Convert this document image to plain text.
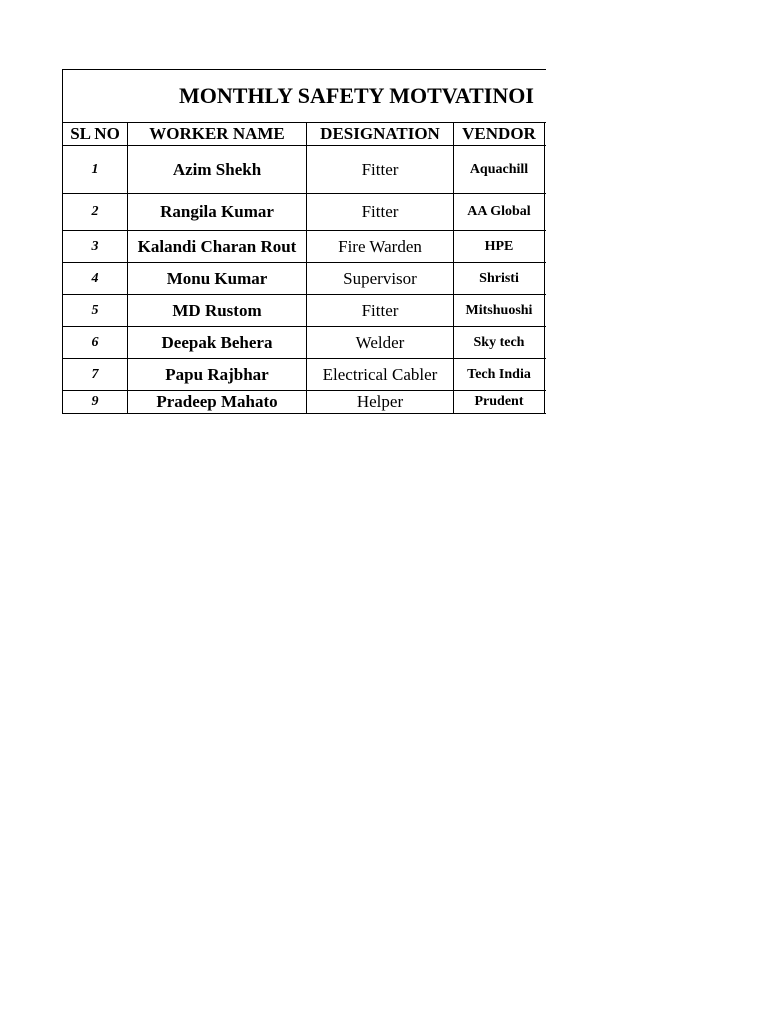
MONTHLY SAFETY MOTVATINOI				
SL NO	WORKER NAME	DESIGNATION	VENDOR	
1	Azim Shekh	Fitter	Aquachill	
2	Rangila Kumar	Fitter	AA Global	
3	Kalandi Charan Rout	Fire Warden	HPE	
4	Monu Kumar	Supervisor	Shristi	
5	MD Rustom	Fitter	Mitshuoshi	
6	Deepak Behera	Welder	Sky tech	
7	Papu Rajbhar	Electrical Cabler	Tech India	
9	Pradeep Mahato	Helper	Prudent	
